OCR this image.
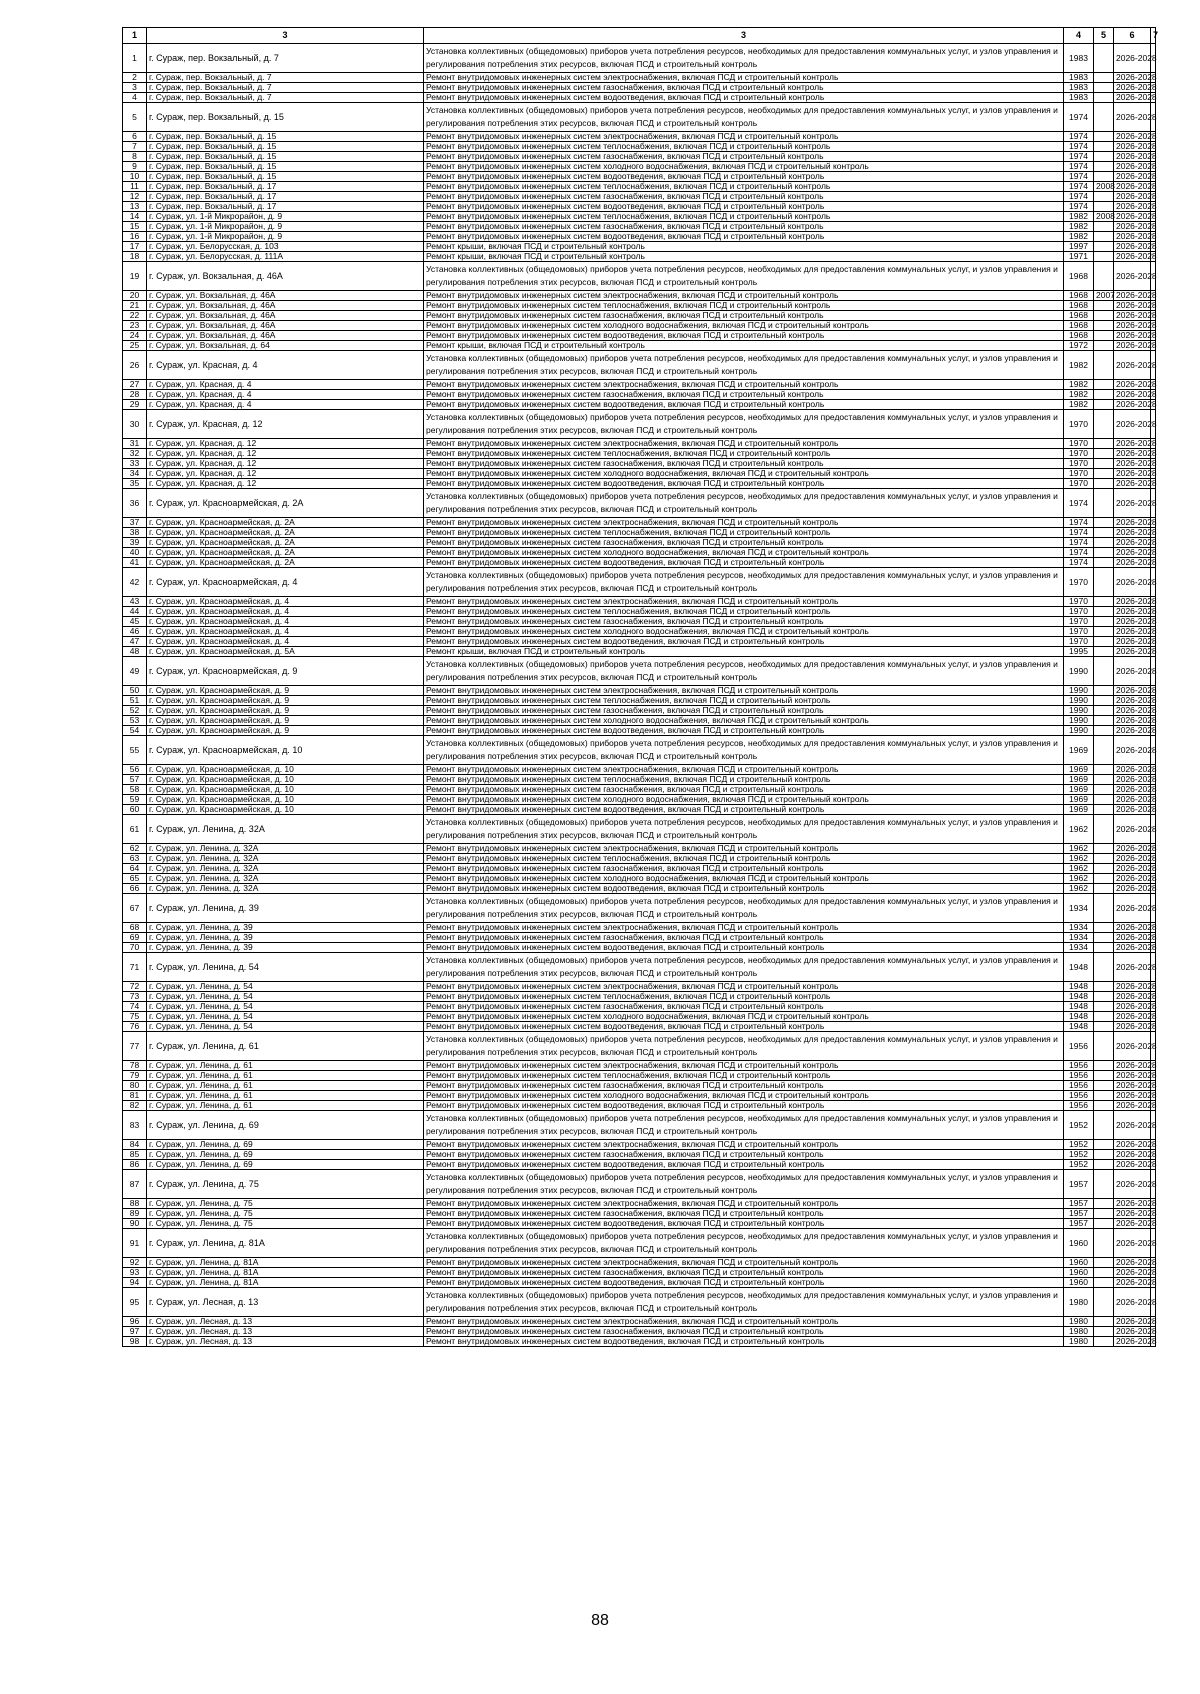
1	3	3	4	5	6	7
1	г. Сураж, пер. Вокзальный, д. 7	Установка коллективных (общедомовых) приборов учета потребления ресурсов, необходимых для предоставления коммунальных услуг, и узлов управления и регулирования потребления этих ресурсов, включая ПСД и строительный контроль	1983		2026-2028	
2	г. Сураж, пер. Вокзальный, д. 7	Ремонт внутридомовых инженерных систем электроснабжения, включая ПСД и строительный контроль	1983		2026-2028	
3	г. Сураж, пер. Вокзальный, д. 7	Ремонт внутридомовых инженерных систем газоснабжения, включая ПСД и строительный контроль	1983		2026-2028	
4	г. Сураж, пер. Вокзальный, д. 7	Ремонт внутридомовых инженерных систем водоотведения, включая ПСД и строительный контроль	1983		2026-2028	
5	г. Сураж, пер. Вокзальный, д. 15	Установка коллективных (общедомовых) приборов учета потребления ресурсов, необходимых для предоставления коммунальных услуг, и узлов управления и регулирования потребления этих ресурсов, включая ПСД и строительный контроль	1974		2026-2028	
6	г. Сураж, пер. Вокзальный, д. 15	Ремонт внутридомовых инженерных систем электроснабжения, включая ПСД и строительный контроль	1974		2026-2028	
7	г. Сураж, пер. Вокзальный, д. 15	Ремонт внутридомовых инженерных систем теплоснабжения, включая ПСД и строительный контроль	1974		2026-2028	
8	г. Сураж, пер. Вокзальный, д. 15	Ремонт внутридомовых инженерных систем газоснабжения, включая ПСД и строительный контроль	1974		2026-2028	
9	г. Сураж, пер. Вокзальный, д. 15	Ремонт внутридомовых инженерных систем холодного водоснабжения, включая ПСД и строительный контроль	1974		2026-2028	
10	г. Сураж, пер. Вокзальный, д. 15	Ремонт внутридомовых инженерных систем водоотведения, включая ПСД и строительный контроль	1974		2026-2028	
11	г. Сураж, пер. Вокзальный, д. 17	Ремонт внутридомовых инженерных систем теплоснабжения, включая ПСД и строительный контроль	1974	2008	2026-2028	
12	г. Сураж, пер. Вокзальный, д. 17	Ремонт внутридомовых инженерных систем газоснабжения, включая ПСД и строительный контроль	1974		2026-2028	
13	г. Сураж, пер. Вокзальный, д. 17	Ремонт внутридомовых инженерных систем водоотведения, включая ПСД и строительный контроль	1974		2026-2028	
14	г. Сураж, ул. 1-й Микрорайон, д. 9	Ремонт внутридомовых инженерных систем теплоснабжения, включая ПСД и строительный контроль	1982	2008	2026-2028	
15	г. Сураж, ул. 1-й Микрорайон, д. 9	Ремонт внутридомовых инженерных систем газоснабжения, включая ПСД и строительный контроль	1982		2026-2028	
16	г. Сураж, ул. 1-й Микрорайон, д. 9	Ремонт внутридомовых инженерных систем водоотведения, включая ПСД и строительный контроль	1982		2026-2028	
17	г. Сураж, ул. Белорусская, д. 103	Ремонт крыши, включая ПСД и строительный контроль	1997		2026-2028	
18	г. Сураж, ул. Белорусская, д. 111А	Ремонт крыши, включая ПСД и строительный контроль	1971		2026-2028	
19	г. Сураж, ул. Вокзальная, д. 46А	Установка коллективных (общедомовых) приборов учета потребления ресурсов, необходимых для предоставления коммунальных услуг, и узлов управления и регулирования потребления этих ресурсов, включая ПСД и строительный контроль	1968		2026-2028	
20	г. Сураж, ул. Вокзальная, д. 46А	Ремонт внутридомовых инженерных систем электроснабжения, включая ПСД и строительный контроль	1968	2007	2026-2028	
21	г. Сураж, ул. Вокзальная, д. 46А	Ремонт внутридомовых инженерных систем теплоснабжения, включая ПСД и строительный контроль	1968		2026-2028	
22	г. Сураж, ул. Вокзальная, д. 46А	Ремонт внутридомовых инженерных систем газоснабжения, включая ПСД и строительный контроль	1968		2026-2028	
23	г. Сураж, ул. Вокзальная, д. 46А	Ремонт внутридомовых инженерных систем холодного водоснабжения, включая ПСД и строительный контроль	1968		2026-2028	
24	г. Сураж, ул. Вокзальная, д. 46А	Ремонт внутридомовых инженерных систем водоотведения, включая ПСД и строительный контроль	1968		2026-2028	
25	г. Сураж, ул. Вокзальная, д. 64	Ремонт крыши, включая ПСД и строительный контроль	1972		2026-2028	
26	г. Сураж, ул. Красная, д. 4	Установка коллективных (общедомовых) приборов учета потребления ресурсов, необходимых для предоставления коммунальных услуг, и узлов управления и регулирования потребления этих ресурсов, включая ПСД и строительный контроль	1982		2026-2028	
27	г. Сураж, ул. Красная, д. 4	Ремонт внутридомовых инженерных систем электроснабжения, включая ПСД и строительный контроль	1982		2026-2028	
28	г. Сураж, ул. Красная, д. 4	Ремонт внутридомовых инженерных систем газоснабжения, включая ПСД и строительный контроль	1982		2026-2028	
29	г. Сураж, ул. Красная, д. 4	Ремонт внутридомовых инженерных систем водоотведения, включая ПСД и строительный контроль	1982		2026-2028	
30	г. Сураж, ул. Красная, д. 12	Установка коллективных (общедомовых) приборов учета потребления ресурсов, необходимых для предоставления коммунальных услуг, и узлов управления и регулирования потребления этих ресурсов, включая ПСД и строительный контроль	1970		2026-2028	
31	г. Сураж, ул. Красная, д. 12	Ремонт внутридомовых инженерных систем электроснабжения, включая ПСД и строительный контроль	1970		2026-2028	
32	г. Сураж, ул. Красная, д. 12	Ремонт внутридомовых инженерных систем теплоснабжения, включая ПСД и строительный контроль	1970		2026-2028	
33	г. Сураж, ул. Красная, д. 12	Ремонт внутридомовых инженерных систем газоснабжения, включая ПСД и строительный контроль	1970		2026-2028	
34	г. Сураж, ул. Красная, д. 12	Ремонт внутридомовых инженерных систем холодного водоснабжения, включая ПСД и строительный контроль	1970		2026-2028	
35	г. Сураж, ул. Красная, д. 12	Ремонт внутридомовых инженерных систем водоотведения, включая ПСД и строительный контроль	1970		2026-2028	
36	г. Сураж, ул. Красноармейская, д. 2А	Установка коллективных (общедомовых) приборов учета потребления ресурсов, необходимых для предоставления коммунальных услуг, и узлов управления и регулирования потребления этих ресурсов, включая ПСД и строительный контроль	1974		2026-2028	
37	г. Сураж, ул. Красноармейская, д. 2А	Ремонт внутридомовых инженерных систем электроснабжения, включая ПСД и строительный контроль	1974		2026-2028	
38	г. Сураж, ул. Красноармейская, д. 2А	Ремонт внутридомовых инженерных систем теплоснабжения, включая ПСД и строительный контроль	1974		2026-2028	
39	г. Сураж, ул. Красноармейская, д. 2А	Ремонт внутридомовых инженерных систем газоснабжения, включая ПСД и строительный контроль	1974		2026-2028	
40	г. Сураж, ул. Красноармейская, д. 2А	Ремонт внутридомовых инженерных систем холодного водоснабжения, включая ПСД и строительный контроль	1974		2026-2028	
41	г. Сураж, ул. Красноармейская, д. 2А	Ремонт внутридомовых инженерных систем водоотведения, включая ПСД и строительный контроль	1974		2026-2028	
42	г. Сураж, ул. Красноармейская, д. 4	Установка коллективных (общедомовых) приборов учета потребления ресурсов, необходимых для предоставления коммунальных услуг, и узлов управления и регулирования потребления этих ресурсов, включая ПСД и строительный контроль	1970		2026-2028	
43	г. Сураж, ул. Красноармейская, д. 4	Ремонт внутридомовых инженерных систем электроснабжения, включая ПСД и строительный контроль	1970		2026-2028	
44	г. Сураж, ул. Красноармейская, д. 4	Ремонт внутридомовых инженерных систем теплоснабжения, включая ПСД и строительный контроль	1970		2026-2028	
45	г. Сураж, ул. Красноармейская, д. 4	Ремонт внутридомовых инженерных систем газоснабжения, включая ПСД и строительный контроль	1970		2026-2028	
46	г. Сураж, ул. Красноармейская, д. 4	Ремонт внутридомовых инженерных систем холодного водоснабжения, включая ПСД и строительный контроль	1970		2026-2028	
47	г. Сураж, ул. Красноармейская, д. 4	Ремонт внутридомовых инженерных систем водоотведения, включая ПСД и строительный контроль	1970		2026-2028	
48	г. Сураж, ул. Красноармейская, д. 5А	Ремонт крыши, включая ПСД и строительный контроль	1995		2026-2028	
49	г. Сураж, ул. Красноармейская, д. 9	Установка коллективных (общедомовых) приборов учета потребления ресурсов, необходимых для предоставления коммунальных услуг, и узлов управления и регулирования потребления этих ресурсов, включая ПСД и строительный контроль	1990		2026-2028	
50	г. Сураж, ул. Красноармейская, д. 9	Ремонт внутридомовых инженерных систем электроснабжения, включая ПСД и строительный контроль	1990		2026-2028	
51	г. Сураж, ул. Красноармейская, д. 9	Ремонт внутридомовых инженерных систем теплоснабжения, включая ПСД и строительный контроль	1990		2026-2028	
52	г. Сураж, ул. Красноармейская, д. 9	Ремонт внутридомовых инженерных систем газоснабжения, включая ПСД и строительный контроль	1990		2026-2028	
53	г. Сураж, ул. Красноармейская, д. 9	Ремонт внутридомовых инженерных систем холодного водоснабжения, включая ПСД и строительный контроль	1990		2026-2028	
54	г. Сураж, ул. Красноармейская, д. 9	Ремонт внутридомовых инженерных систем водоотведения, включая ПСД и строительный контроль	1990		2026-2028	
55	г. Сураж, ул. Красноармейская, д. 10	Установка коллективных (общедомовых) приборов учета потребления ресурсов, необходимых для предоставления коммунальных услуг, и узлов управления и регулирования потребления этих ресурсов, включая ПСД и строительный контроль	1969		2026-2028	
56	г. Сураж, ул. Красноармейская, д. 10	Ремонт внутридомовых инженерных систем электроснабжения, включая ПСД и строительный контроль	1969		2026-2028	
57	г. Сураж, ул. Красноармейская, д. 10	Ремонт внутридомовых инженерных систем теплоснабжения, включая ПСД и строительный контроль	1969		2026-2028	
58	г. Сураж, ул. Красноармейская, д. 10	Ремонт внутридомовых инженерных систем газоснабжения, включая ПСД и строительный контроль	1969		2026-2028	
59	г. Сураж, ул. Красноармейская, д. 10	Ремонт внутридомовых инженерных систем холодного водоснабжения, включая ПСД и строительный контроль	1969		2026-2028	
60	г. Сураж, ул. Красноармейская, д. 10	Ремонт внутридомовых инженерных систем водоотведения, включая ПСД и строительный контроль	1969		2026-2028	
61	г. Сураж, ул. Ленина, д. 32А	Установка коллективных (общедомовых) приборов учета потребления ресурсов, необходимых для предоставления коммунальных услуг, и узлов управления и регулирования потребления этих ресурсов, включая ПСД и строительный контроль	1962		2026-2028	
62	г. Сураж, ул. Ленина, д. 32А	Ремонт внутридомовых инженерных систем электроснабжения, включая ПСД и строительный контроль	1962		2026-2028	
63	г. Сураж, ул. Ленина, д. 32А	Ремонт внутридомовых инженерных систем теплоснабжения, включая ПСД и строительный контроль	1962		2026-2028	
64	г. Сураж, ул. Ленина, д. 32А	Ремонт внутридомовых инженерных систем газоснабжения, включая ПСД и строительный контроль	1962		2026-2028	
65	г. Сураж, ул. Ленина, д. 32А	Ремонт внутридомовых инженерных систем холодного водоснабжения, включая ПСД и строительный контроль	1962		2026-2028	
66	г. Сураж, ул. Ленина, д. 32А	Ремонт внутридомовых инженерных систем водоотведения, включая ПСД и строительный контроль	1962		2026-2028	
67	г. Сураж, ул. Ленина, д. 39	Установка коллективных (общедомовых) приборов учета потребления ресурсов, необходимых для предоставления коммунальных услуг, и узлов управления и регулирования потребления этих ресурсов, включая ПСД и строительный контроль	1934		2026-2028	
68	г. Сураж, ул. Ленина, д. 39	Ремонт внутридомовых инженерных систем электроснабжения, включая ПСД и строительный контроль	1934		2026-2028	
69	г. Сураж, ул. Ленина, д. 39	Ремонт внутридомовых инженерных систем газоснабжения, включая ПСД и строительный контроль	1934		2026-2028	
70	г. Сураж, ул. Ленина, д. 39	Ремонт внутридомовых инженерных систем водоотведения, включая ПСД и строительный контроль	1934		2026-2028	
71	г. Сураж, ул. Ленина, д. 54	Установка коллективных (общедомовых) приборов учета потребления ресурсов, необходимых для предоставления коммунальных услуг, и узлов управления и регулирования потребления этих ресурсов, включая ПСД и строительный контроль	1948		2026-2028	
72	г. Сураж, ул. Ленина, д. 54	Ремонт внутридомовых инженерных систем электроснабжения, включая ПСД и строительный контроль	1948		2026-2028	
73	г. Сураж, ул. Ленина, д. 54	Ремонт внутридомовых инженерных систем теплоснабжения, включая ПСД и строительный контроль	1948		2026-2028	
74	г. Сураж, ул. Ленина, д. 54	Ремонт внутридомовых инженерных систем газоснабжения, включая ПСД и строительный контроль	1948		2026-2028	
75	г. Сураж, ул. Ленина, д. 54	Ремонт внутридомовых инженерных систем холодного водоснабжения, включая ПСД и строительный контроль	1948		2026-2028	
76	г. Сураж, ул. Ленина, д. 54	Ремонт внутридомовых инженерных систем водоотведения, включая ПСД и строительный контроль	1948		2026-2028	
77	г. Сураж, ул. Ленина, д. 61	Установка коллективных (общедомовых) приборов учета потребления ресурсов, необходимых для предоставления коммунальных услуг, и узлов управления и регулирования потребления этих ресурсов, включая ПСД и строительный контроль	1956		2026-2028	
78	г. Сураж, ул. Ленина, д. 61	Ремонт внутридомовых инженерных систем электроснабжения, включая ПСД и строительный контроль	1956		2026-2028	
79	г. Сураж, ул. Ленина, д. 61	Ремонт внутридомовых инженерных систем теплоснабжения, включая ПСД и строительный контроль	1956		2026-2028	
80	г. Сураж, ул. Ленина, д. 61	Ремонт внутридомовых инженерных систем газоснабжения, включая ПСД и строительный контроль	1956		2026-2028	
81	г. Сураж, ул. Ленина, д. 61	Ремонт внутридомовых инженерных систем холодного водоснабжения, включая ПСД и строительный контроль	1956		2026-2028	
82	г. Сураж, ул. Ленина, д. 61	Ремонт внутридомовых инженерных систем водоотведения, включая ПСД и строительный контроль	1956		2026-2028	
83	г. Сураж, ул. Ленина, д. 69	Установка коллективных (общедомовых) приборов учета потребления ресурсов, необходимых для предоставления коммунальных услуг, и узлов управления и регулирования потребления этих ресурсов, включая ПСД и строительный контроль	1952		2026-2028	
84	г. Сураж, ул. Ленина, д. 69	Ремонт внутридомовых инженерных систем электроснабжения, включая ПСД и строительный контроль	1952		2026-2028	
85	г. Сураж, ул. Ленина, д. 69	Ремонт внутридомовых инженерных систем газоснабжения, включая ПСД и строительный контроль	1952		2026-2028	
86	г. Сураж, ул. Ленина, д. 69	Ремонт внутридомовых инженерных систем водоотведения, включая ПСД и строительный контроль	1952		2026-2028	
87	г. Сураж, ул. Ленина, д. 75	Установка коллективных (общедомовых) приборов учета потребления ресурсов, необходимых для предоставления коммунальных услуг, и узлов управления и регулирования потребления этих ресурсов, включая ПСД и строительный контроль	1957		2026-2028	
88	г. Сураж, ул. Ленина, д. 75	Ремонт внутридомовых инженерных систем электроснабжения, включая ПСД и строительный контроль	1957		2026-2028	
89	г. Сураж, ул. Ленина, д. 75	Ремонт внутридомовых инженерных систем газоснабжения, включая ПСД и строительный контроль	1957		2026-2028	
90	г. Сураж, ул. Ленина, д. 75	Ремонт внутридомовых инженерных систем водоотведения, включая ПСД и строительный контроль	1957		2026-2028	
91	г. Сураж, ул. Ленина, д. 81А	Установка коллективных (общедомовых) приборов учета потребления ресурсов, необходимых для предоставления коммунальных услуг, и узлов управления и регулирования потребления этих ресурсов, включая ПСД и строительный контроль	1960		2026-2028	
92	г. Сураж, ул. Ленина, д. 81А	Ремонт внутридомовых инженерных систем электроснабжения, включая ПСД и строительный контроль	1960		2026-2028	
93	г. Сураж, ул. Ленина, д. 81А	Ремонт внутридомовых инженерных систем газоснабжения, включая ПСД и строительный контроль	1960		2026-2028	
94	г. Сураж, ул. Ленина, д. 81А	Ремонт внутридомовых инженерных систем водоотведения, включая ПСД и строительный контроль	1960		2026-2028	
95	г. Сураж, ул. Лесная, д. 13	Установка коллективных (общедомовых) приборов учета потребления ресурсов, необходимых для предоставления коммунальных услуг, и узлов управления и регулирования потребления этих ресурсов, включая ПСД и строительный контроль	1980		2026-2028	
96	г. Сураж, ул. Лесная, д. 13	Ремонт внутридомовых инженерных систем электроснабжения, включая ПСД и строительный контроль	1980		2026-2028	
97	г. Сураж, ул. Лесная, д. 13	Ремонт внутридомовых инженерных систем газоснабжения, включая ПСД и строительный контроль	1980		2026-2028	
98	г. Сураж, ул. Лесная, д. 13	Ремонт внутридомовых инженерных систем водоотведения, включая ПСД и строительный контроль	1980		2026-2028	
88
